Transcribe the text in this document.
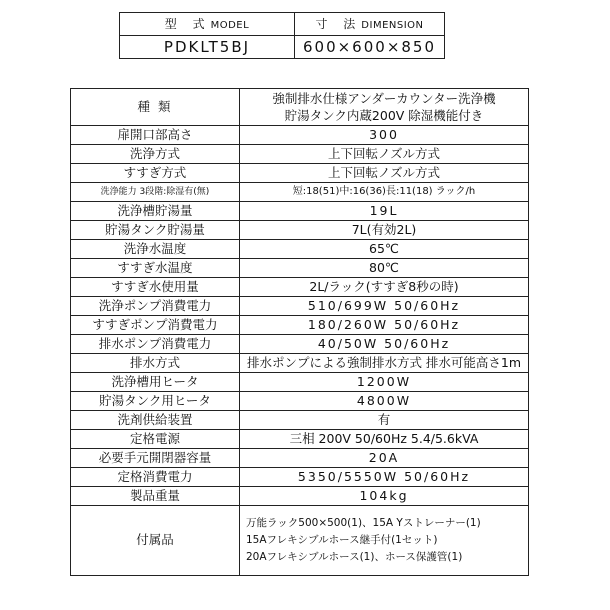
型 式MODEL	寸 法DIMENSION
PDKLT5BJ	600×600×850
種 類	強制排水仕様アンダーカウンター洗浄機
貯湯タンク内蔵200V 除湿機能付き

扉開口部高さ	300
洗浄方式	上下回転ノズル方式
すすぎ方式	上下回転ノズル方式
洗浄能力 3段階:除湿有(無)	短:18(51)中:16(36)長:11(18) ラック/h
洗浄槽貯湯量	19L
貯湯タンク貯湯量	7L(有効2L)
洗浄水温度	65℃
すすぎ水温度	80℃
すすぎ水使用量	2L/ラック(すすぎ8秒の時)
洗浄ポンプ消費電力	510/699W 50/60Hz
すすぎポンプ消費電力	180/260W 50/60Hz
排水ポンプ消費電力	40/50W 50/60Hz
排水方式	排水ポンプによる強制排水方式 排水可能高さ1m
洗浄槽用ヒータ	1200W
貯湯タンク用ヒータ	4800W
洗剤供給装置	有
定格電源	三相 200V 50/60Hz 5.4/5.6kVA
必要手元開閉器容量	20A
定格消費電力	5350/5550W 50/60Hz
製品重量	104kg
付属品	万能ラック500×500(1)、15A Yストレーナー(1)
15Aフレキシブルホース継手付(1セット)
20Aフレキシブルホース(1)、ホース保護管(1)
